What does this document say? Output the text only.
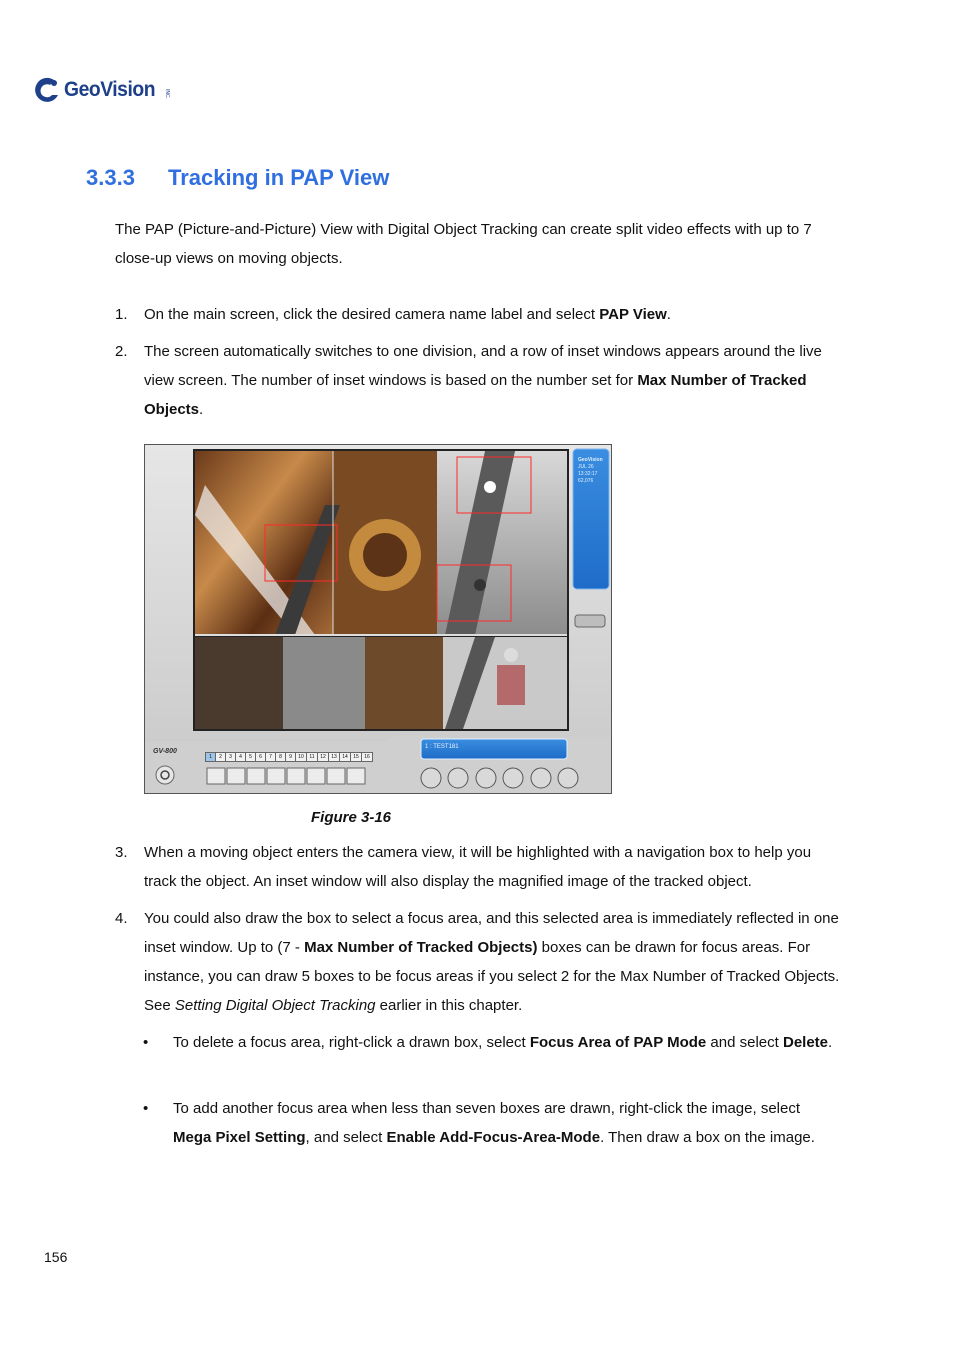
GeoVision INC.
3.3.3 Tracking in PAP View

The PAP (Picture-and-Picture) View with Digital Object Tracking can create split video effects with up to 7 close-up views on moving objects.

1. On the main screen, click the desired camera name label and select PAP View.
2. The screen automatically switches to one division, and a row of inset windows appears around the live view screen. The number of inset windows is based on the number set for Max Number of Tracked Objects.
GeoVision
JUL 26
13:32:17
62,076
GV-800
1 : TEST181
1	2	3	4	5	6	7	8	9	10	11	12	13	14	15	16
Figure 3-16
3. When a moving object enters the camera view, it will be highlighted with a navigation box to help you track the object. An inset window will also display the magnified image of the tracked object.
4. You could also draw the box to select a focus area, and this selected area is immediately reflected in one inset window. Up to (7 - Max Number of Tracked Objects) boxes can be drawn for focus areas. For instance, you can draw 5 boxes to be focus areas if you select 2 for the Max Number of Tracked Objects. See Setting Digital Object Tracking earlier in this chapter.
• To delete a focus area, right-click a drawn box, select Focus Area of PAP Mode and select Delete.
• To add another focus area when less than seven boxes are drawn, right-click the image, select Mega Pixel Setting, and select Enable Add-Focus-Area-Mode. Then draw a box on the image.
156
